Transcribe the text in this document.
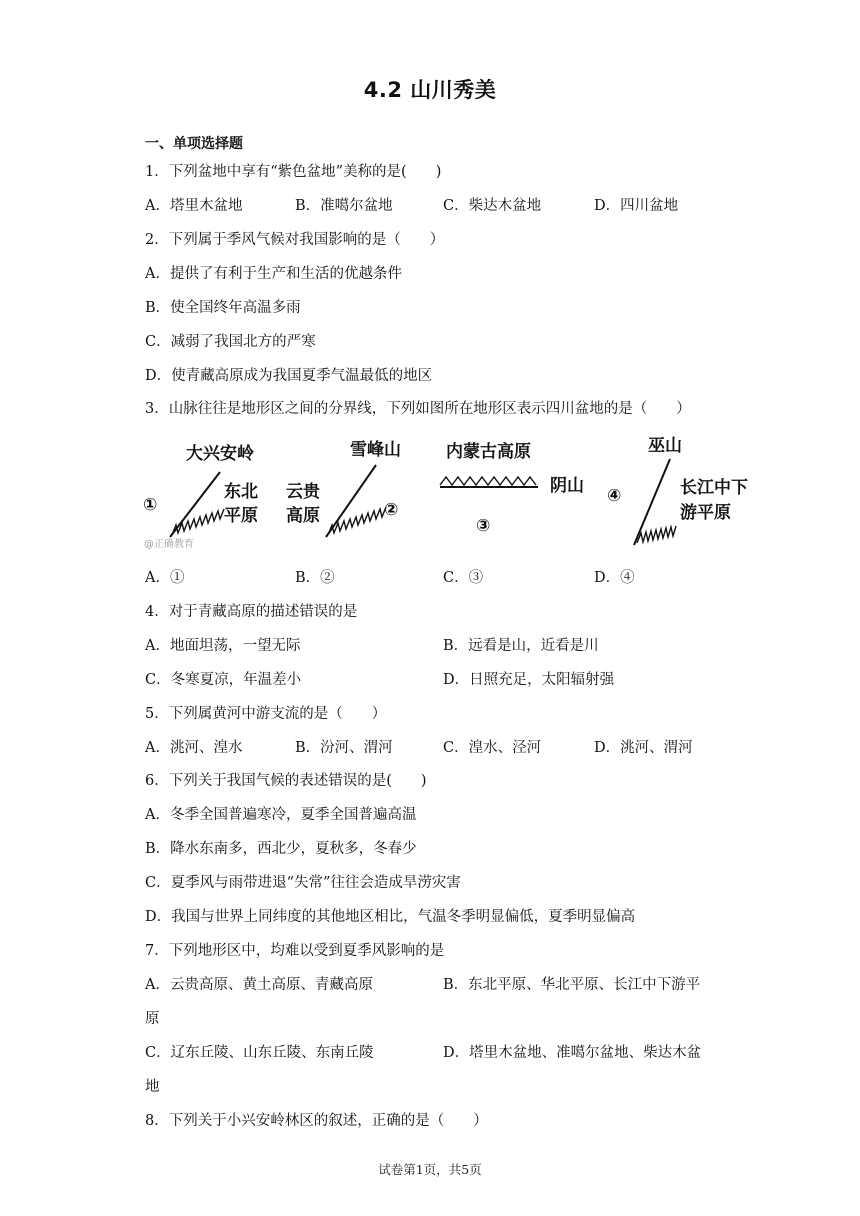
4.2 山川秀美
一、单项选择题
1．下列盆地中享有“紫色盆地”美称的是(　　)
A．塔里木盆地	B．准噶尔盆地	C．柴达木盆地	D．四川盆地
2．下列属于季风气候对我国影响的是（　　）
A．提供了有利于生产和生活的优越条件
B．使全国终年高温多雨
C．减弱了我国北方的严寒
D．使青藏高原成为我国夏季气温最低的地区
3．山脉往往是地形区之间的分界线，下列如图所在地形区表示四川盆地的是（　　）
①
大兴安岭
东北
平原
@正确教育
雪峰山
云贵
高原	②
内蒙古高原
阴山
③
巫山
④	长江中下
游平原
A．①	B．②	C．③	D．④
4．对于青藏高原的描述错误的是
A．地面坦荡，一望无际	B．远看是山，近看是川
C．冬寒夏凉，年温差小	D．日照充足，太阳辐射强
5．下列属黄河中游支流的是（　　）
A．洮河、湟水	B．汾河、渭河	C．湟水、泾河	D．洮河、渭河
6．下列关于我国气候的表述错误的是(　　)
A．冬季全国普遍寒冷，夏季全国普遍高温
B．降水东南多，西北少，夏秋多，冬春少
C．夏季风与雨带进退“失常”往往会造成旱涝灾害
D．我国与世界上同纬度的其他地区相比，气温冬季明显偏低，夏季明显偏高
7．下列地形区中，均难以受到夏季风影响的是
A．云贵高原、黄土高原、青藏高原	B．东北平原、华北平原、长江中下游平
原
C．辽东丘陵、山东丘陵、东南丘陵	D．塔里木盆地、准噶尔盆地、柴达木盆
地
8．下列关于小兴安岭林区的叙述，正确的是（　　）
试卷第1页，共5页
